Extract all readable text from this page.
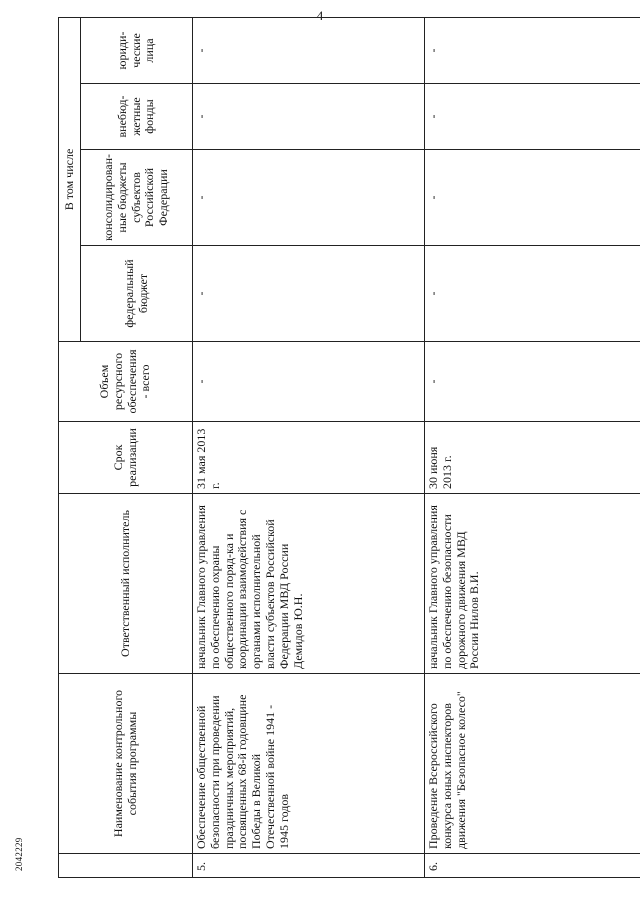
4
2042229
	Наименование контрольного события программы	Ответственный исполнитель	Срок реализации	Объем ресурсного обеспечения - всего	В том числе			
					федеральный бюджет	консолидирован-ные бюджеты субъектов Российской Федерации	внебюд-жетные фонды	юриди-ческие лица
5.	Обеспечение общественной безопасности при проведении праздничных мероприятий, посвященных 68-й годовщине Победы в Великой Отечественной войне 1941 - 1945 годов	начальник Главного управления по обеспечению охраны общественного поряд-ка и координации взаимодействия с органами исполнительной власти субъектов Российской Федерации МВД России Демидов Ю.Н.	31 мая 2013 г.	-	-	-	-	-
6.	Проведение Всероссийского конкурса юных инспекторов движения "Безопасное колесо"	начальник Главного управления по обеспечению безопасности дорожного движения МВД России Нилов В.И.	30 июня 2013 г.	-	-	-	-	-
